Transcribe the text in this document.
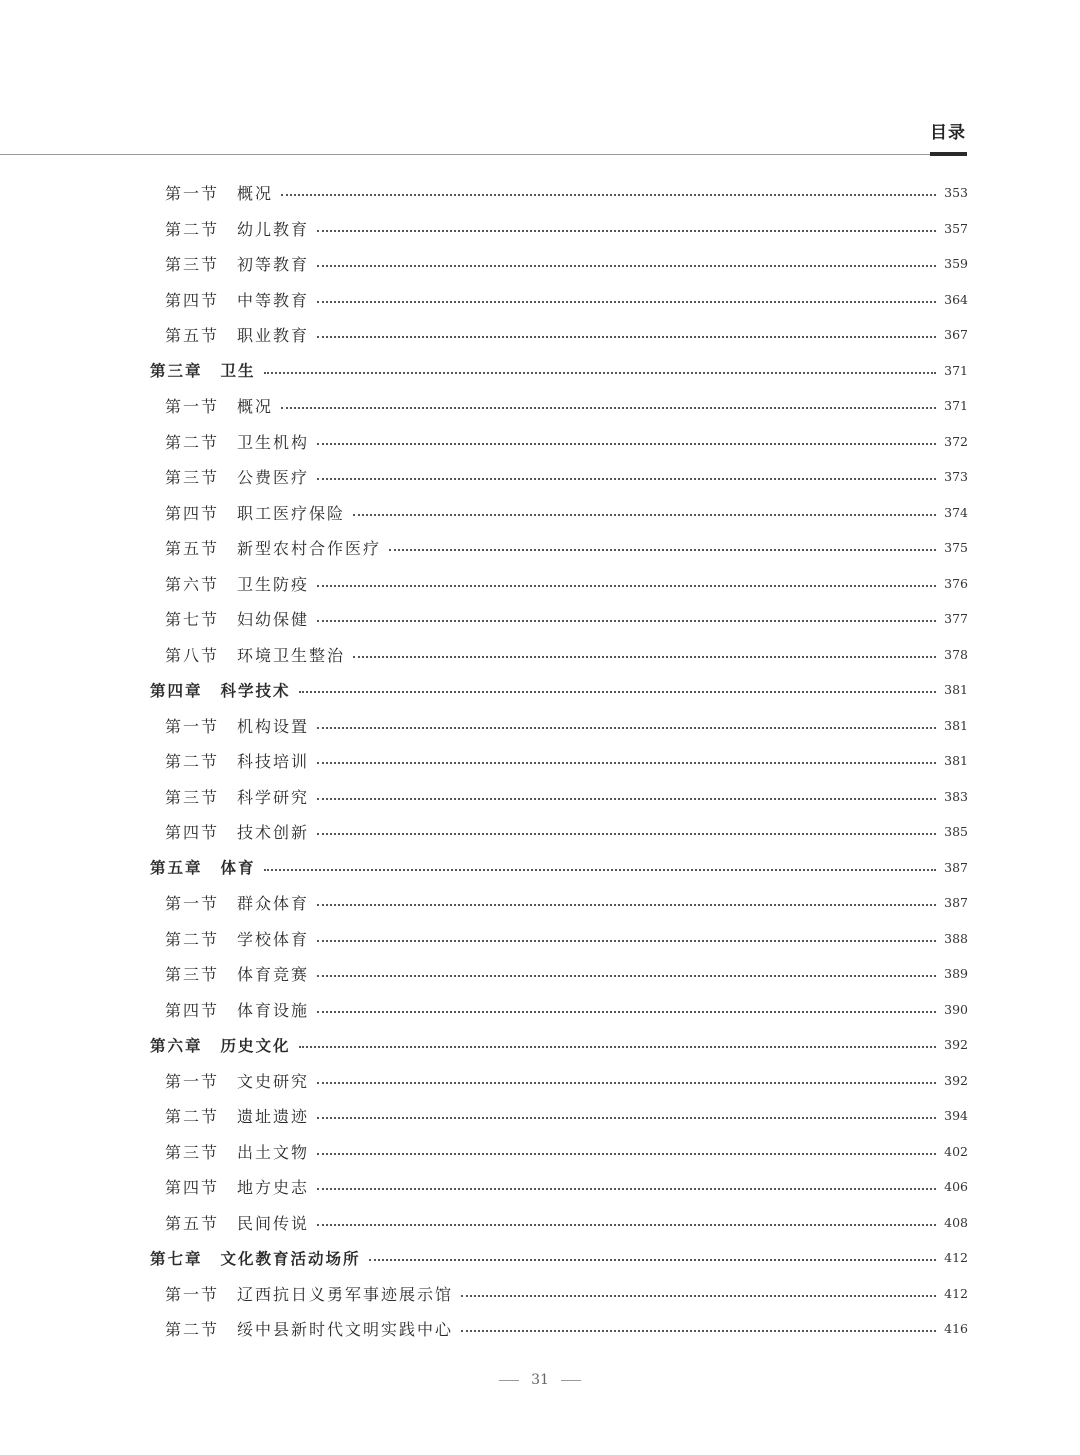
目录
第一节 概况	353
第二节 幼儿教育	357
第三节 初等教育	359
第四节 中等教育	364
第五节 职业教育	367
第三章 卫生	371
第一节 概况	371
第二节 卫生机构	372
第三节 公费医疗	373
第四节 职工医疗保险	374
第五节 新型农村合作医疗	375
第六节 卫生防疫	376
第七节 妇幼保健	377
第八节 环境卫生整治	378
第四章 科学技术	381
第一节 机构设置	381
第二节 科技培训	381
第三节 科学研究	383
第四节 技术创新	385
第五章 体育	387
第一节 群众体育	387
第二节 学校体育	388
第三节 体育竞赛	389
第四节 体育设施	390
第六章 历史文化	392
第一节 文史研究	392
第二节 遗址遗迹	394
第三节 出土文物	402
第四节 地方史志	406
第五节 民间传说	408
第七章 文化教育活动场所	412
第一节 辽西抗日义勇军事迹展示馆	412
第二节 绥中县新时代文明实践中心	416
31
